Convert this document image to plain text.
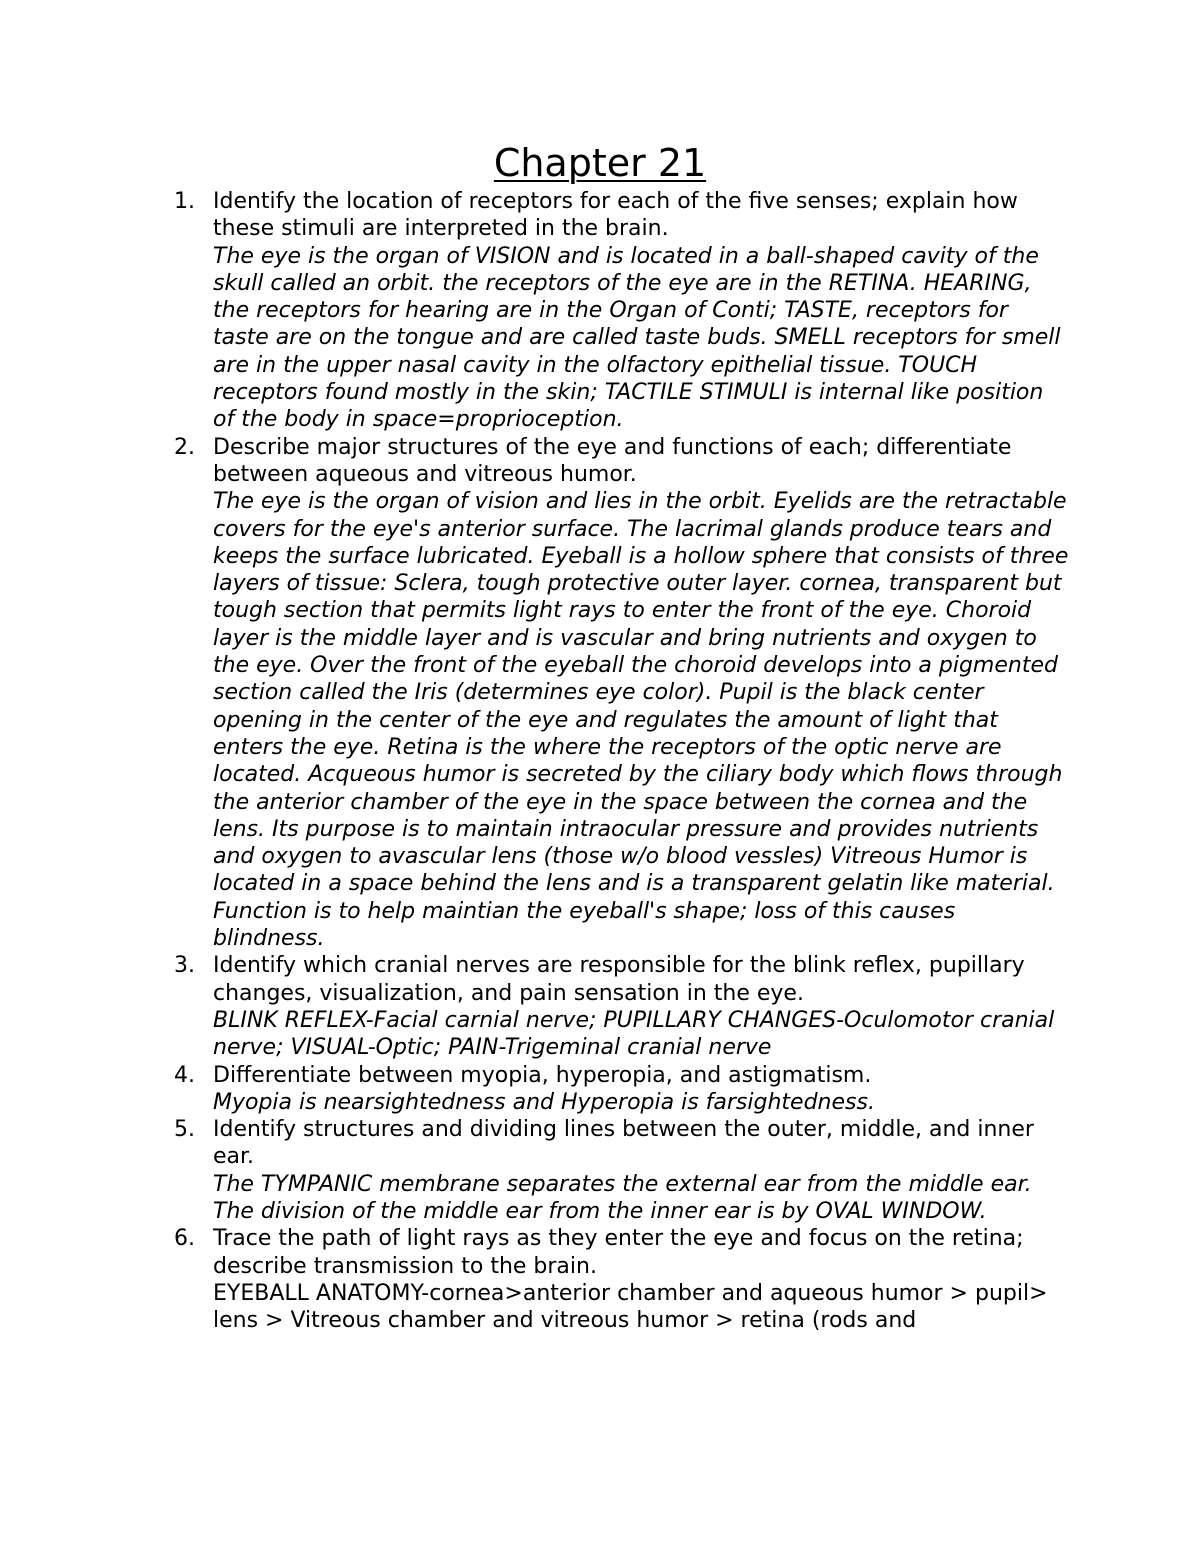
Chapter 21
1. Identify the location of receptors for each of the five senses; explain how these stimuli are interpreted in the brain.
The eye is the organ of VISION and is located in a ball-shaped cavity of the skull called an orbit. the receptors of the eye are in the RETINA. HEARING, the receptors for hearing are in the Organ of Conti; TASTE, receptors for taste are on the tongue and are called taste buds. SMELL receptors for smell are in the upper nasal cavity in the olfactory epithelial tissue. TOUCH receptors found mostly in the skin; TACTILE STIMULI is internal like position of the body in space=proprioception.
2. Describe major structures of the eye and functions of each; differentiate between aqueous and vitreous humor.
The eye is the organ of vision and lies in the orbit. Eyelids are the retractable covers for the eye's anterior surface. The lacrimal glands produce tears and keeps the surface lubricated. Eyeball is a hollow sphere that consists of three layers of tissue: Sclera, tough protective outer layer. cornea, transparent but tough section that permits light rays to enter the front of the eye. Choroid layer is the middle layer and is vascular and bring nutrients and oxygen to the eye. Over the front of the eyeball the choroid develops into a pigmented section called the Iris (determines eye color). Pupil is the black center opening in the center of the eye and regulates the amount of light that enters the eye. Retina is the where the receptors of the optic nerve are located. Acqueous humor is secreted by the ciliary body which flows through the anterior chamber of the eye in the space between the cornea and the lens. Its purpose is to maintain intraocular pressure and provides nutrients and oxygen to avascular lens (those w/o blood vessles) Vitreous Humor is located in a space behind the lens and is a transparent gelatin like material. Function is to help maintian the eyeball's shape; loss of this causes blindness.
3. Identify which cranial nerves are responsible for the blink reflex, pupillary changes, visualization, and pain sensation in the eye.
BLINK REFLEX-Facial carnial nerve; PUPILLARY CHANGES-Oculomotor cranial nerve; VISUAL-Optic; PAIN-Trigeminal cranial nerve
4. Differentiate between myopia, hyperopia, and astigmatism.
Myopia is nearsightedness and Hyperopia is farsightedness.
5. Identify structures and dividing lines between the outer, middle, and inner ear.
The TYMPANIC membrane separates the external ear from the middle ear. The division of the middle ear from the inner ear is by OVAL WINDOW.
6. Trace the path of light rays as they enter the eye and focus on the retina; describe transmission to the brain.
EYEBALL ANATOMY-cornea>anterior chamber and aqueous humor > pupil> lens > Vitreous chamber and vitreous humor > retina (rods and
